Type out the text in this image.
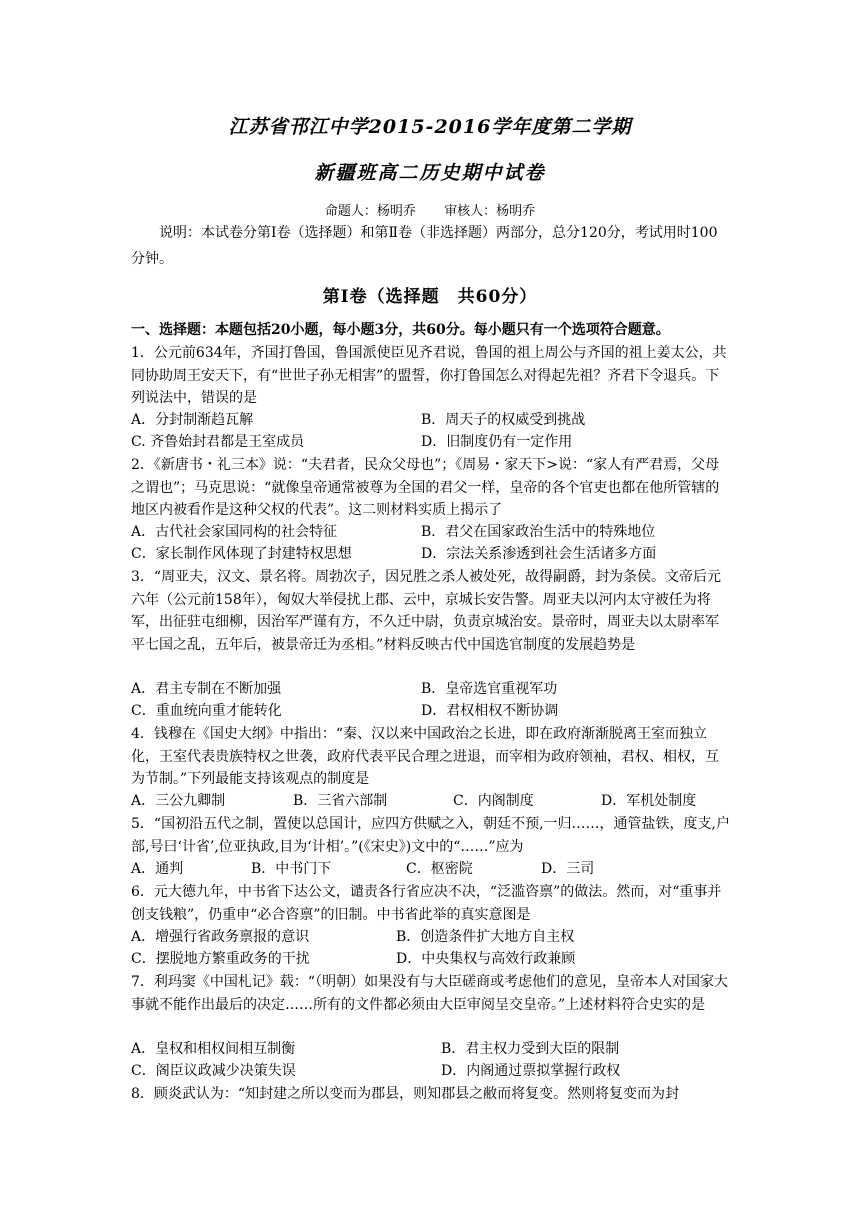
江苏省邗江中学2015-2016学年度第二学期
新疆班高二历史期中试卷
命题人：杨明乔 审核人：杨明乔
说明：本试卷分第Ⅰ卷（选择题）和第Ⅱ卷（非选择题）两部分，总分120分，考试用时100分钟。
第Ⅰ卷（选择题　共60分）
一、选择题：本题包括20小题，每小题3分，共60分。每小题只有一个选项符合题意。

1．公元前634年，齐国打鲁国，鲁国派使臣见齐君说，鲁国的祖上周公与齐国的祖上姜太公，共同协助周王安天下，有“世世子孙无相害”的盟誓，你打鲁国怎么对得起先祖？齐君下令退兵。下列说法中，错误的是

A．分封制渐趋瓦解	B．周天子的权威受到挑战
C. 齐鲁始封君都是王室成员	D．旧制度仍有一定作用

2．《新唐书・礼三本》说：“夫君者，民众父母也”；《周易・家天下>说：“家人有严君焉，父母之谓也”；马克思说：“就像皇帝通常被尊为全国的君父一样，皇帝的各个官吏也都在他所管辖的地区内被看作是这种父权的代表”。这二则材料实质上揭示了

A．古代社会家国同构的社会特征	B．君父在国家政治生活中的特殊地位
C．家长制作风体现了封建特权思想	D．宗法关系渗透到社会生活诸多方面

3．“周亚夫，汉文、景名将。周勃次子，因兄胜之杀人被处死，故得嗣爵，封为条侯。文帝后元六年（公元前158年），匈奴大举侵扰上郡、云中，京城长安告警。周亚夫以河内太守被任为将军，出征驻屯细柳，因治军严谨有方，不久迁中尉，负责京城治安。景帝时，周亚夫以太尉率军平七国之乱，五年后，被景帝迁为丞相。”材料反映古代中国选官制度的发展趋势是

A．君主专制在不断加强	B．皇帝选官重视军功
C．重血统向重才能转化	D．君权相权不断协调

4．钱穆在《国史大纲》中指出：“秦、汉以来中国政治之长进，即在政府渐渐脱离王室而独立化，王室代表贵族特权之世袭，政府代表平民合理之进退，而宰相为政府领袖，君权、相权，互为节制。”下列最能支持该观点的制度是

A．三公九卿制	B．三省六部制	C．内阁制度	D．军机处制度

5．“国初沿五代之制，置使以总国计，应四方供赋之入，朝廷不预,一归……，通管盐铁，度支,户部,号曰‘计省’,位亚执政,目为‘计相’。”(《宋史》)文中的“……”应为

A．通判	B．中书门下	C．枢密院	D．三司

6．元大德九年，中书省下达公文，谴责各行省应决不决，“泛滥咨禀”的做法。然而，对“重事并创支钱粮”，仍重申“必合咨禀”的旧制。中书省此举的真实意图是

A．增强行省政务禀报的意识	B．创造条件扩大地方自主权
C．摆脱地方繁重政务的干扰	D．中央集权与高效行政兼顾

7．利玛窦《中国札记》载：“（明朝）如果没有与大臣磋商或考虑他们的意见，皇帝本人对国家大事就不能作出最后的决定……所有的文件都必须由大臣审阅呈交皇帝。”上述材料符合史实的是

A．皇权和相权间相互制衡	B．君主权力受到大臣的限制
C．阁臣议政减少决策失误	D．内阁通过票拟掌握行政权

8．顾炎武认为：“知封建之所以变而为郡县，则知郡县之敝而将复变。然则将复变而为封
